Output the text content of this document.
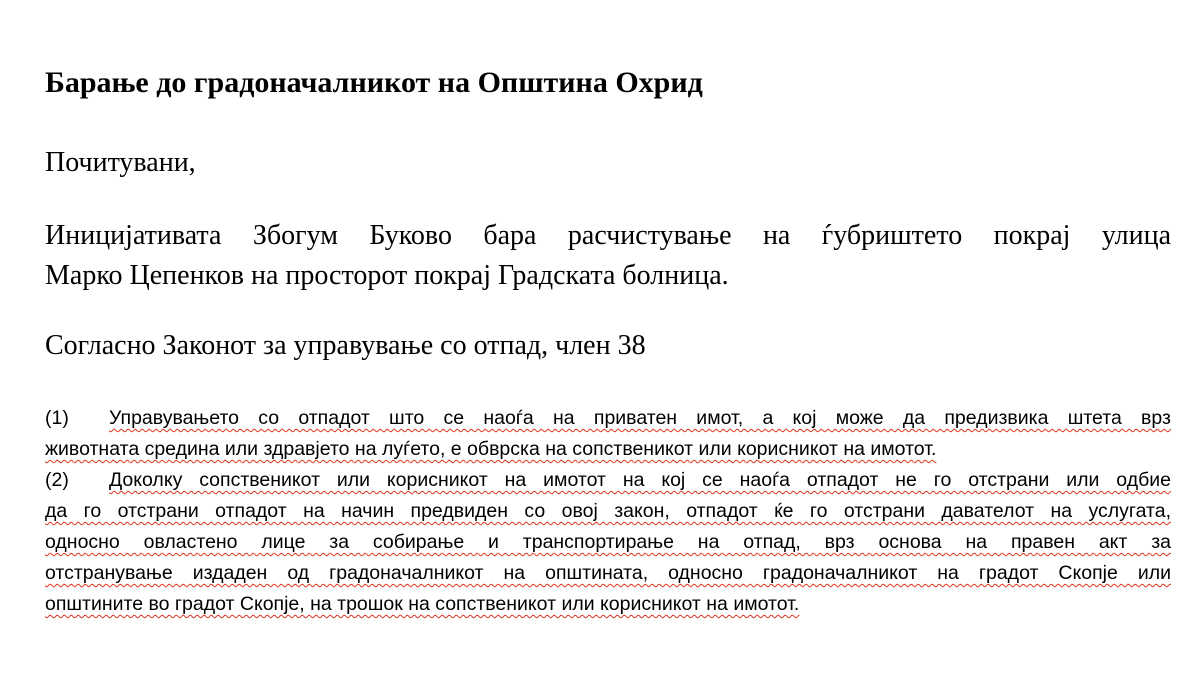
Барање до градоначалникот на Општина Охрид

Почитувани,

Иницијативата Збогум Буково бара расчистување на ѓубриштето покрај улица
Марко Цепенков на просторот покрај Градската болница.

Согласно Законот за управување со отпад, член 38

(1) Управувањето со отпадот што се наоѓа на приватен имот, а кој може да предизвика штета врз
животната средина или здравјето на луѓето, е обврска на сопственикот или корисникот на имотот.
(2) Доколку сопственикот или корисникот на имотот на кој се наоѓа отпадот не го отстрани или одбие
да го отстрани отпадот на начин предвиден со овој закон, отпадот ќе го отстрани давателот на услугата,
односно овластено лице за собирање и транспортирање на отпад, врз основа на правен акт за
отстранување издаден од градоначалникот на општината, односно градоначалникот на градот Скопје или
општините во градот Скопје, на трошок на сопственикот или корисникот на имотот.
